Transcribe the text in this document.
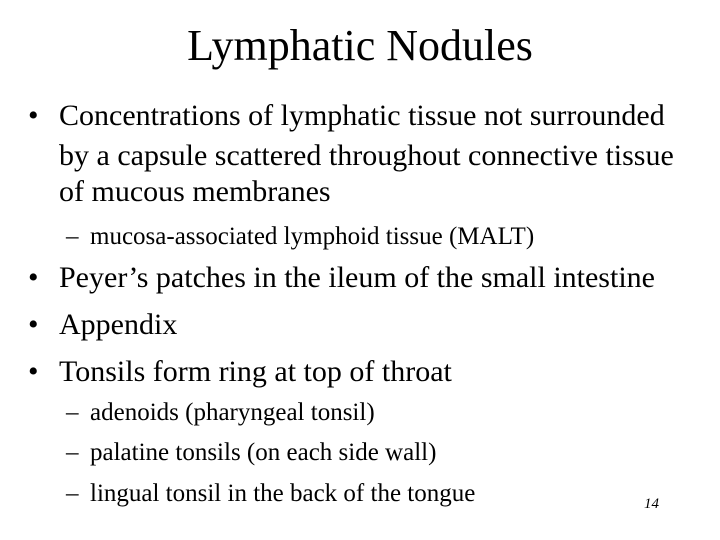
Lymphatic Nodules
• Concentrations of lymphatic tissue not surrounded
by a capsule scattered throughout connective tissue
of mucous membranes
– mucosa-associated lymphoid tissue (MALT)
• Peyer’s patches in the ileum of the small intestine
• Appendix
• Tonsils form ring at top of throat
– adenoids (pharyngeal tonsil)
– palatine tonsils (on each side wall)
– lingual tonsil in the back of the tongue	14
